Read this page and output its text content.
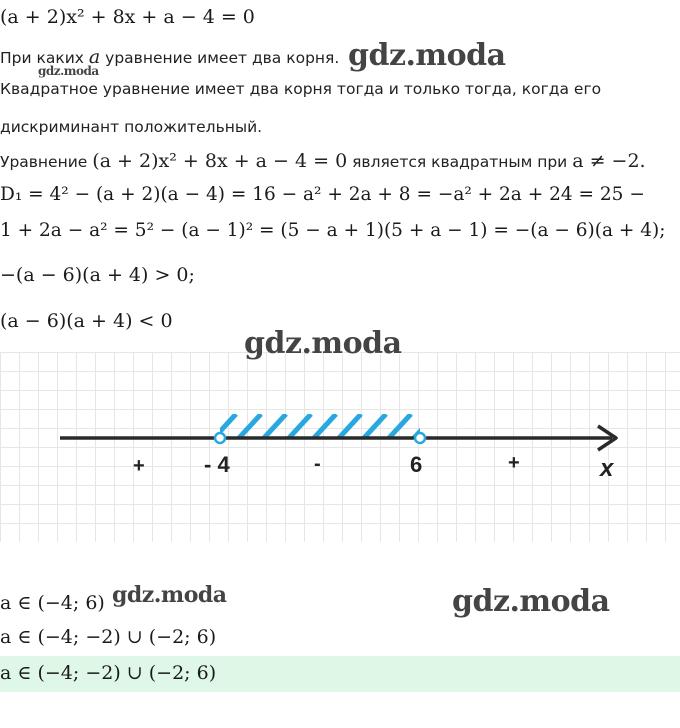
(a + 2)x² + 8x + a − 4 = 0
При каких a уравнение имеет два корня. gdz.moda
gdz.moda
Квадратное уравнение имеет два корня тогда и только тогда, когда его
дискриминант положительный.
Уравнение (a + 2)x² + 8x + a − 4 = 0 является квадратным при a ≠ −2.
D₁ = 4² − (a + 2)(a − 4) = 16 − a² + 2a + 8 = −a² + 2a + 24 = 25 −
1 + 2a − a² = 5² − (a − 1)² = (5 − a + 1)(5 + a − 1) = −(a − 6)(a + 4);
−(a − 6)(a + 4) > 0;
(a − 6)(a + 4) < 0
- 4	6	x
+	-	+
gdz.moda
a ∈ (−4; 6) gdz.moda	gdz.moda
a ∈ (−4; −2) ∪ (−2; 6)
a ∈ (−4; −2) ∪ (−2; 6)
